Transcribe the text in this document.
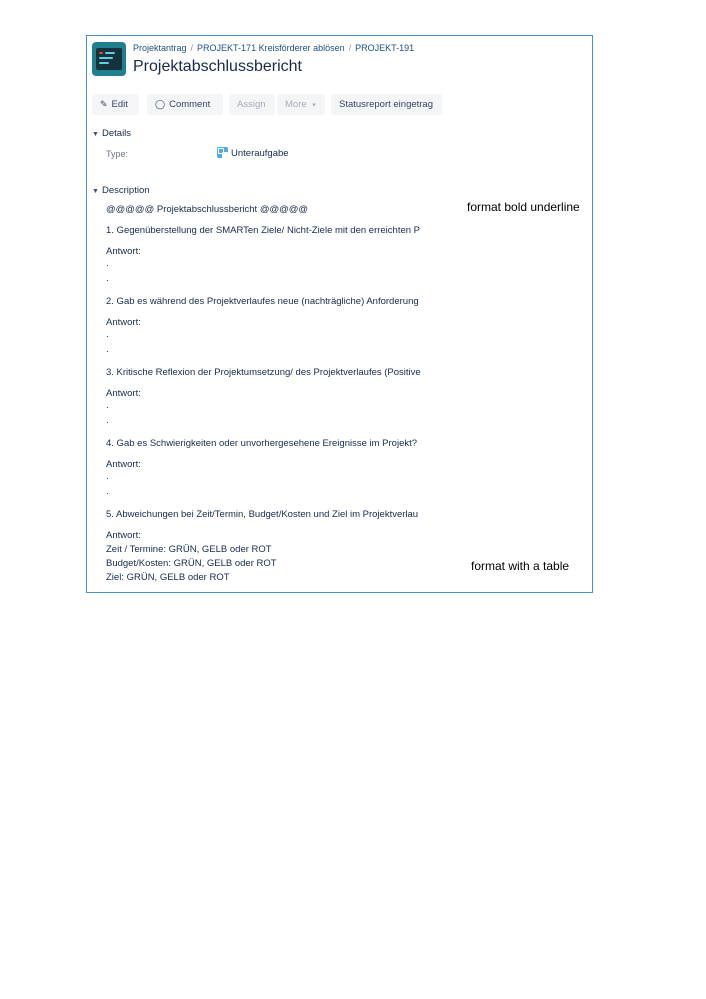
Projektantrag / PROJEKT-171 Kreisförderer ablösen / PROJEKT-191
Projektabschlussbericht
✎ Edit	◯ Comment	Assign	More ▾	Statusreport eingetrag
▼ Details
Type:	Unteraufgabe
▼ Description
@@@@@ Projektabschlussbericht @@@@@
1. Gegenüberstellung der SMARTen Ziele/ Nicht-Ziele mit den erreichten P
Antwort:
·
·
2. Gab es während des Projektverlaufes neue (nachträgliche) Anforderung
Antwort:
·
·
3. Kritische Reflexion der Projektumsetzung/ des Projektverlaufes (Positive
Antwort:
·
·
4. Gab es Schwierigkeiten oder unvorhergesehene Ereignisse im Projekt?
Antwort:
·
·
5. Abweichungen bei Zeit/Termin, Budget/Kosten und Ziel im Projektverlau
Antwort:
Zeit / Termine: GRÜN, GELB oder ROT
Budget/Kosten: GRÜN, GELB oder ROT
Ziel: GRÜN, GELB oder ROT
format bold underline
format with a table
